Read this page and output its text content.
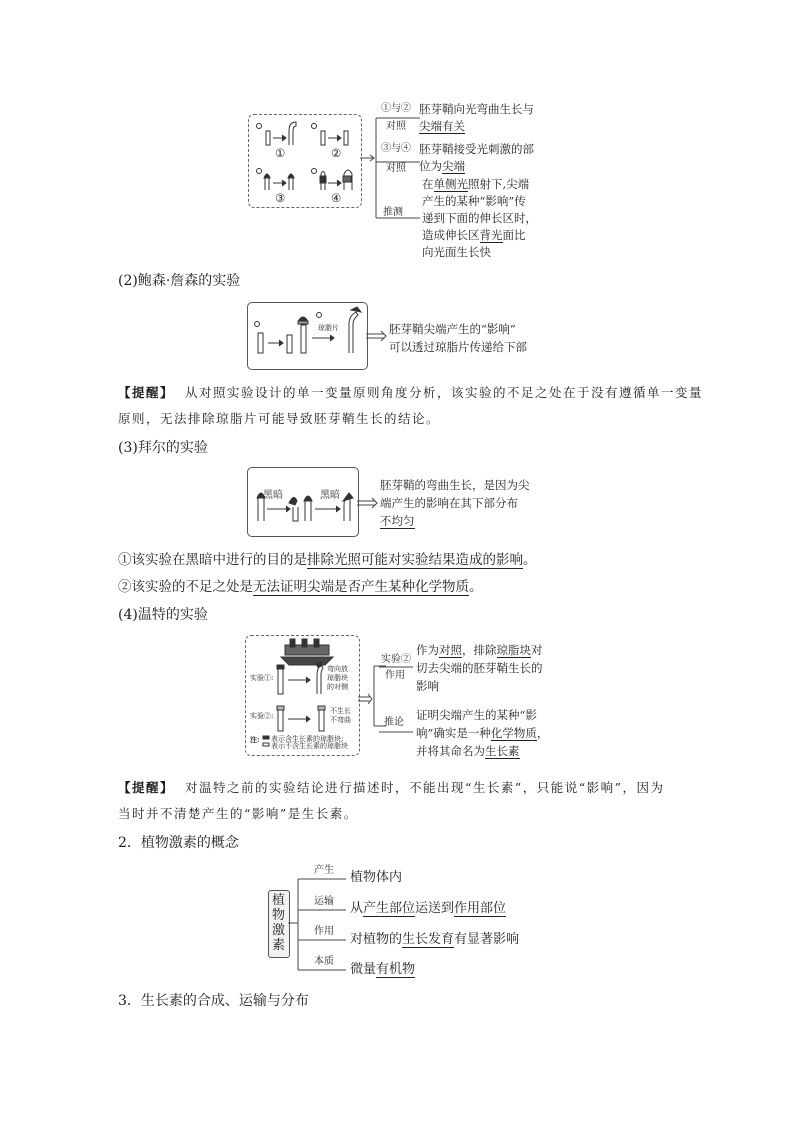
①	②
③	④
①与②
对照
胚芽鞘向光弯曲生长与
尖端有关
③与④
对照
胚芽鞘接受光刺激的部
位为尖端
推测
在单侧光照射下,尖端
产生的某种“影响”传
递到下面的伸长区时，
造成伸长区背光面比
向光面生长快
(2)鲍森·詹森的实验
琼脂片	胚芽鞘尖端产生的“影响”
可以透过琼脂片传递给下部
【提醒】 从对照实验设计的单一变量原则角度分析，该实验的不足之处在于没有遵循单一变量
原则，无法排除琼脂片可能导致胚芽鞘生长的结论。
(3)拜尔的实验
黑暗	黑暗
胚芽鞘的弯曲生长，是因为尖
端产生的影响在其下部分布
不均匀
①该实验在黑暗中进行的目的是排除光照可能对实验结果造成的影响。
②该实验的不足之处是无法证明尖端是否产生某种化学物质。
(4)温特的实验
实验①:
实验②:
弯向放
琼脂块
的对侧
不生长
不弯曲
注: 表示含生长素的琼脂块;
表示不含生长素的琼脂块
实验②
作用
作为对照，排除琼脂块对
切去尖端的胚芽鞘生长的
影响
推论
证明尖端产生的某种“影
响”确实是一种化学物质，
并将其命名为生长素
【提醒】 对温特之前的实验结论进行描述时，不能出现“生长素”，只能说“影响”，因为
当时并不清楚产生的“影响”是生长素。
2．植物激素的概念
植
物
激
素
产生
运输
作用
本质
植物体内
从产生部位运送到作用部位
对植物的生长发育有显著影响
微量有机物
3．生长素的合成、运输与分布
